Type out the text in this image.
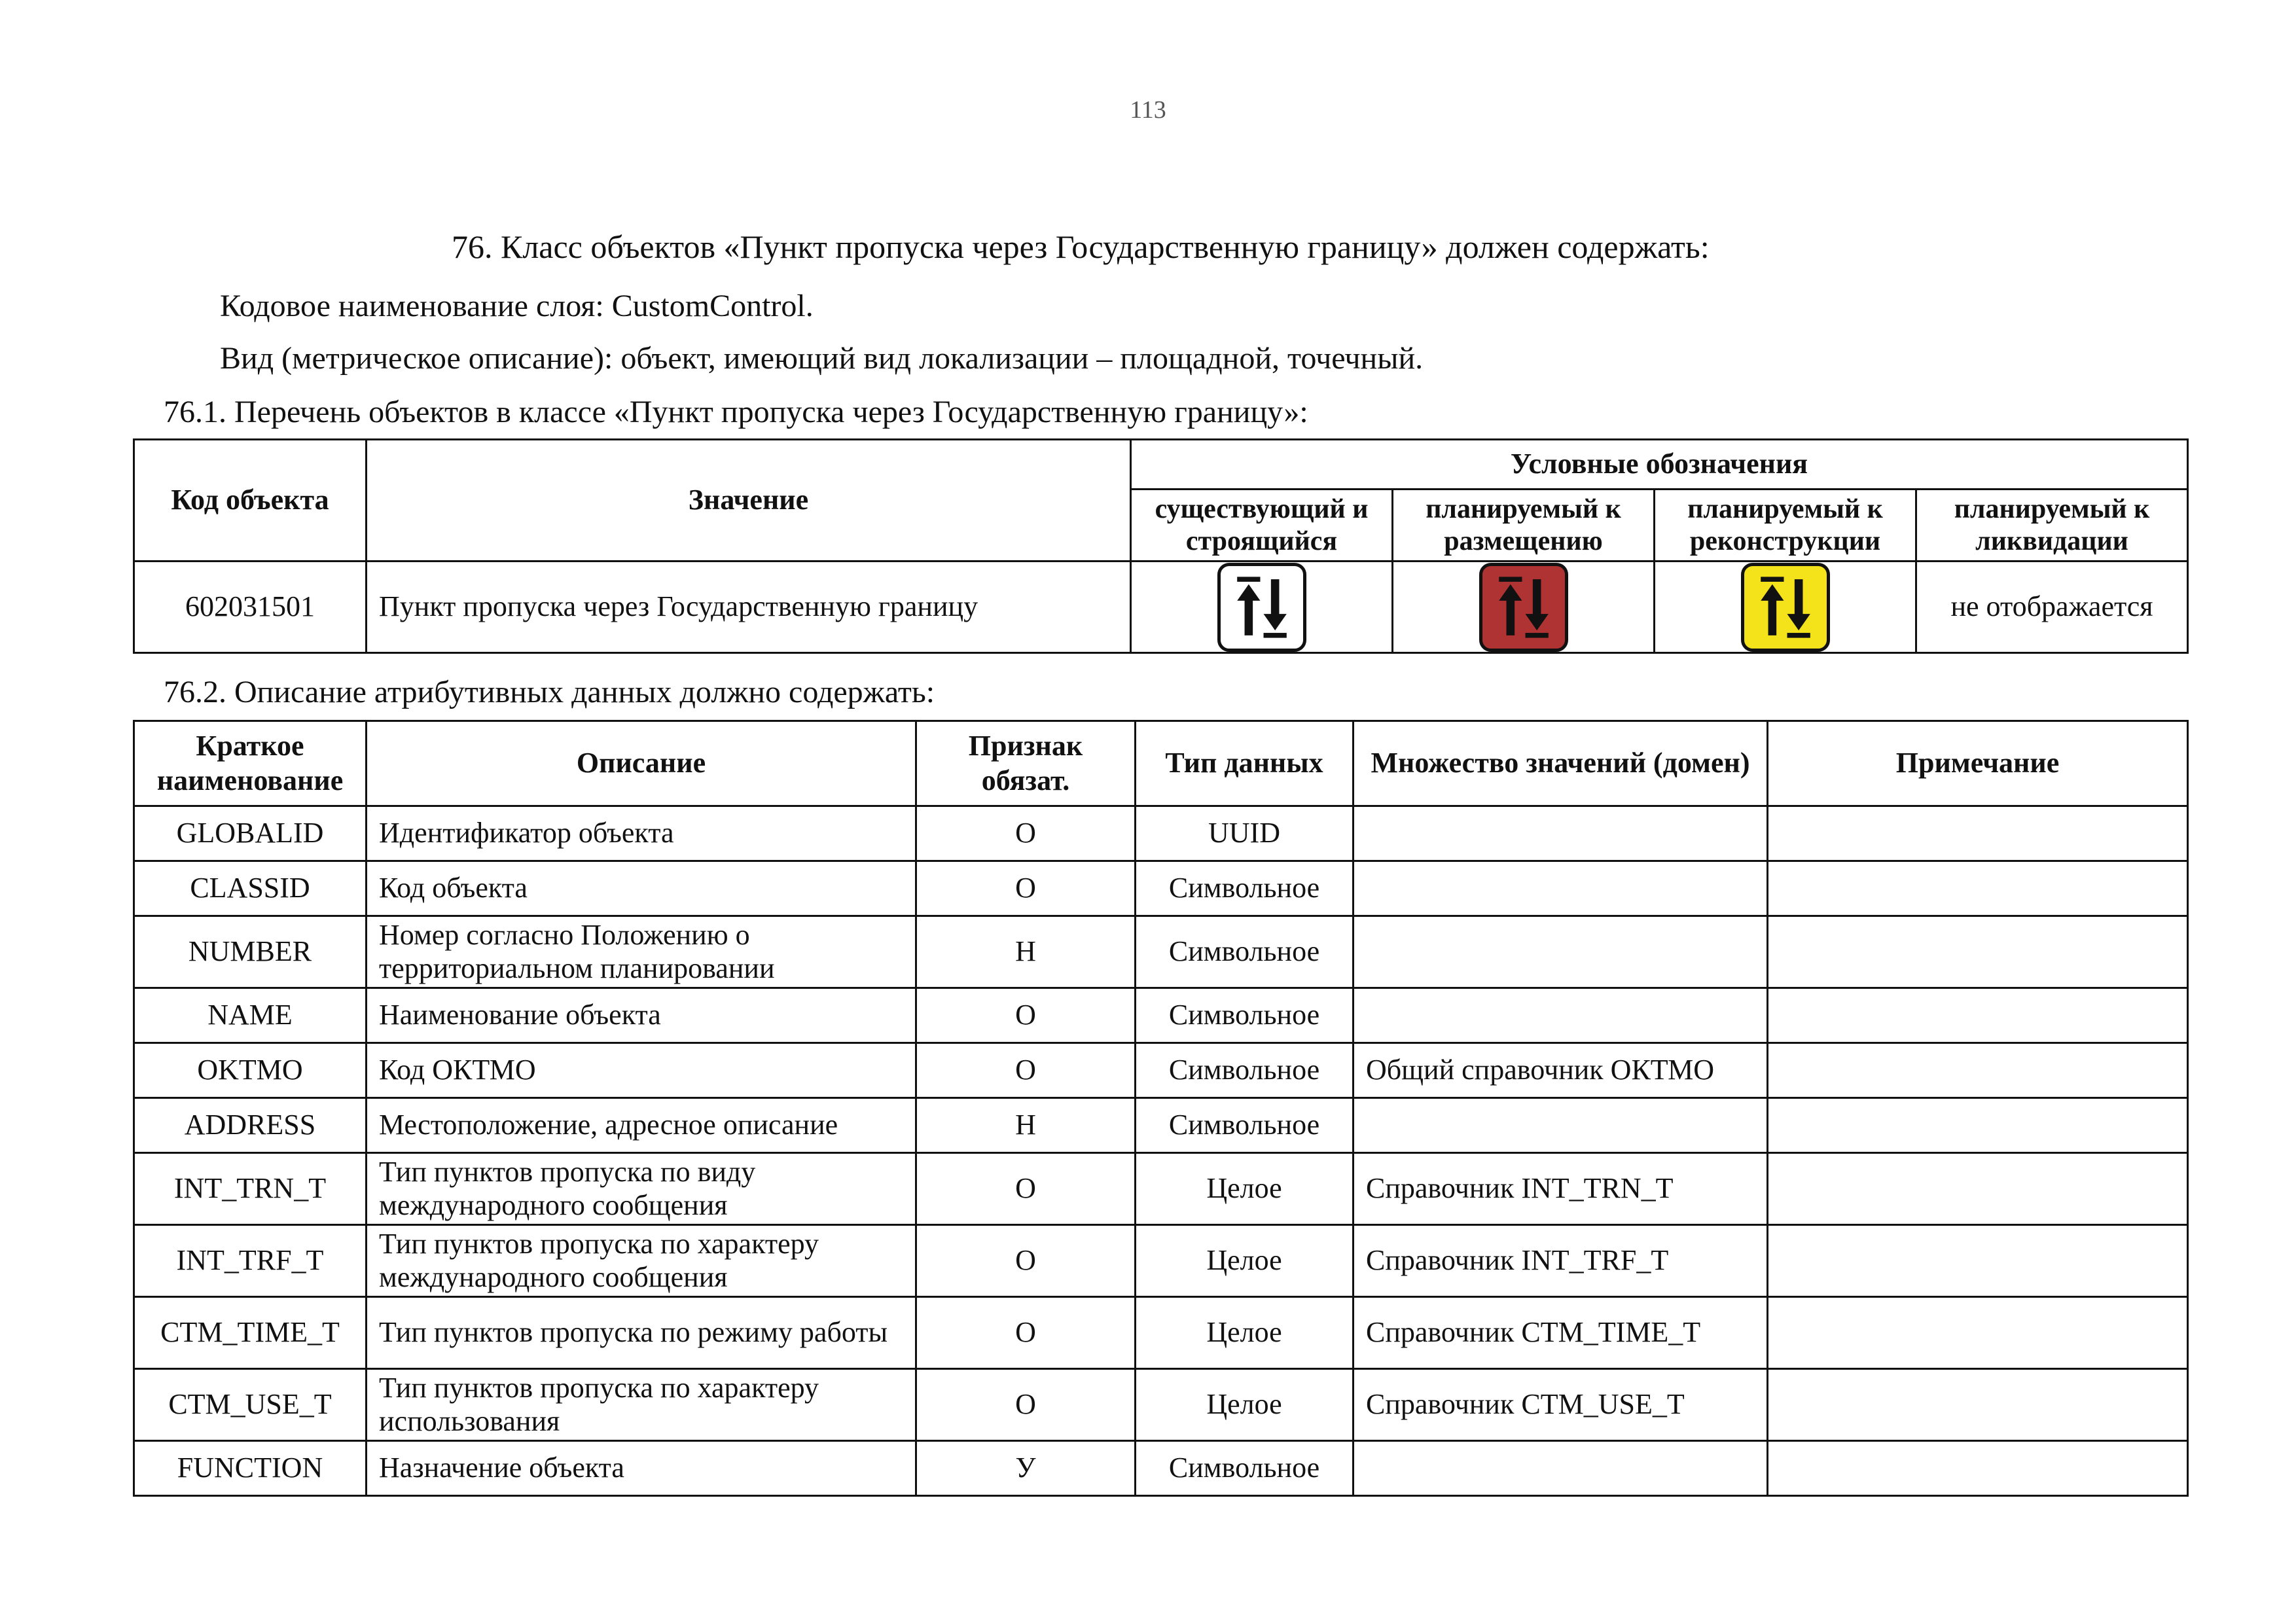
113
76. Класс объектов «Пункт пропуска через Государственную границу» должен содержать:
Кодовое наименование слоя: CustomControl.
Вид (метрическое описание): объект, имеющий вид локализации – площадной, точечный.
76.1. Перечень объектов в классе «Пункт пропуска через Государственную границу»:
Код объекта	Значение	Условные обозначения			
		существующий и строящийся	планируемый к размещению	планируемый к реконструкции	планируемый к ликвидации
602031501	Пункт пропуска через Государственную границу				не отображается
76.2. Описание атрибутивных данных должно содержать:
Краткое наименование	Описание	Признак обязат.	Тип данных	Множество значений (домен)	Примечание
GLOBALID	Идентификатор объекта	О	UUID		
CLASSID	Код объекта	О	Символьное		
NUMBER	Номер согласно Положению о территориальном планировании	Н	Символьное		
NAME	Наименование объекта	О	Символьное		
OKTMO	Код ОКТМО	О	Символьное	Общий справочник ОКТМО	
ADDRESS	Местоположение, адресное описание	Н	Символьное		
INT_TRN_T	Тип пунктов пропуска по виду международного сообщения	О	Целое	Справочник INT_TRN_T	
INT_TRF_T	Тип пунктов пропуска по характеру международного сообщения	О	Целое	Справочник INT_TRF_T	
CTM_TIME_T	Тип пунктов пропуска по режиму работы	О	Целое	Справочник CTM_TIME_T	
CTM_USE_T	Тип пунктов пропуска по характеру использования	О	Целое	Справочник CTM_USE_T	
FUNCTION	Назначение объекта	У	Символьное		
